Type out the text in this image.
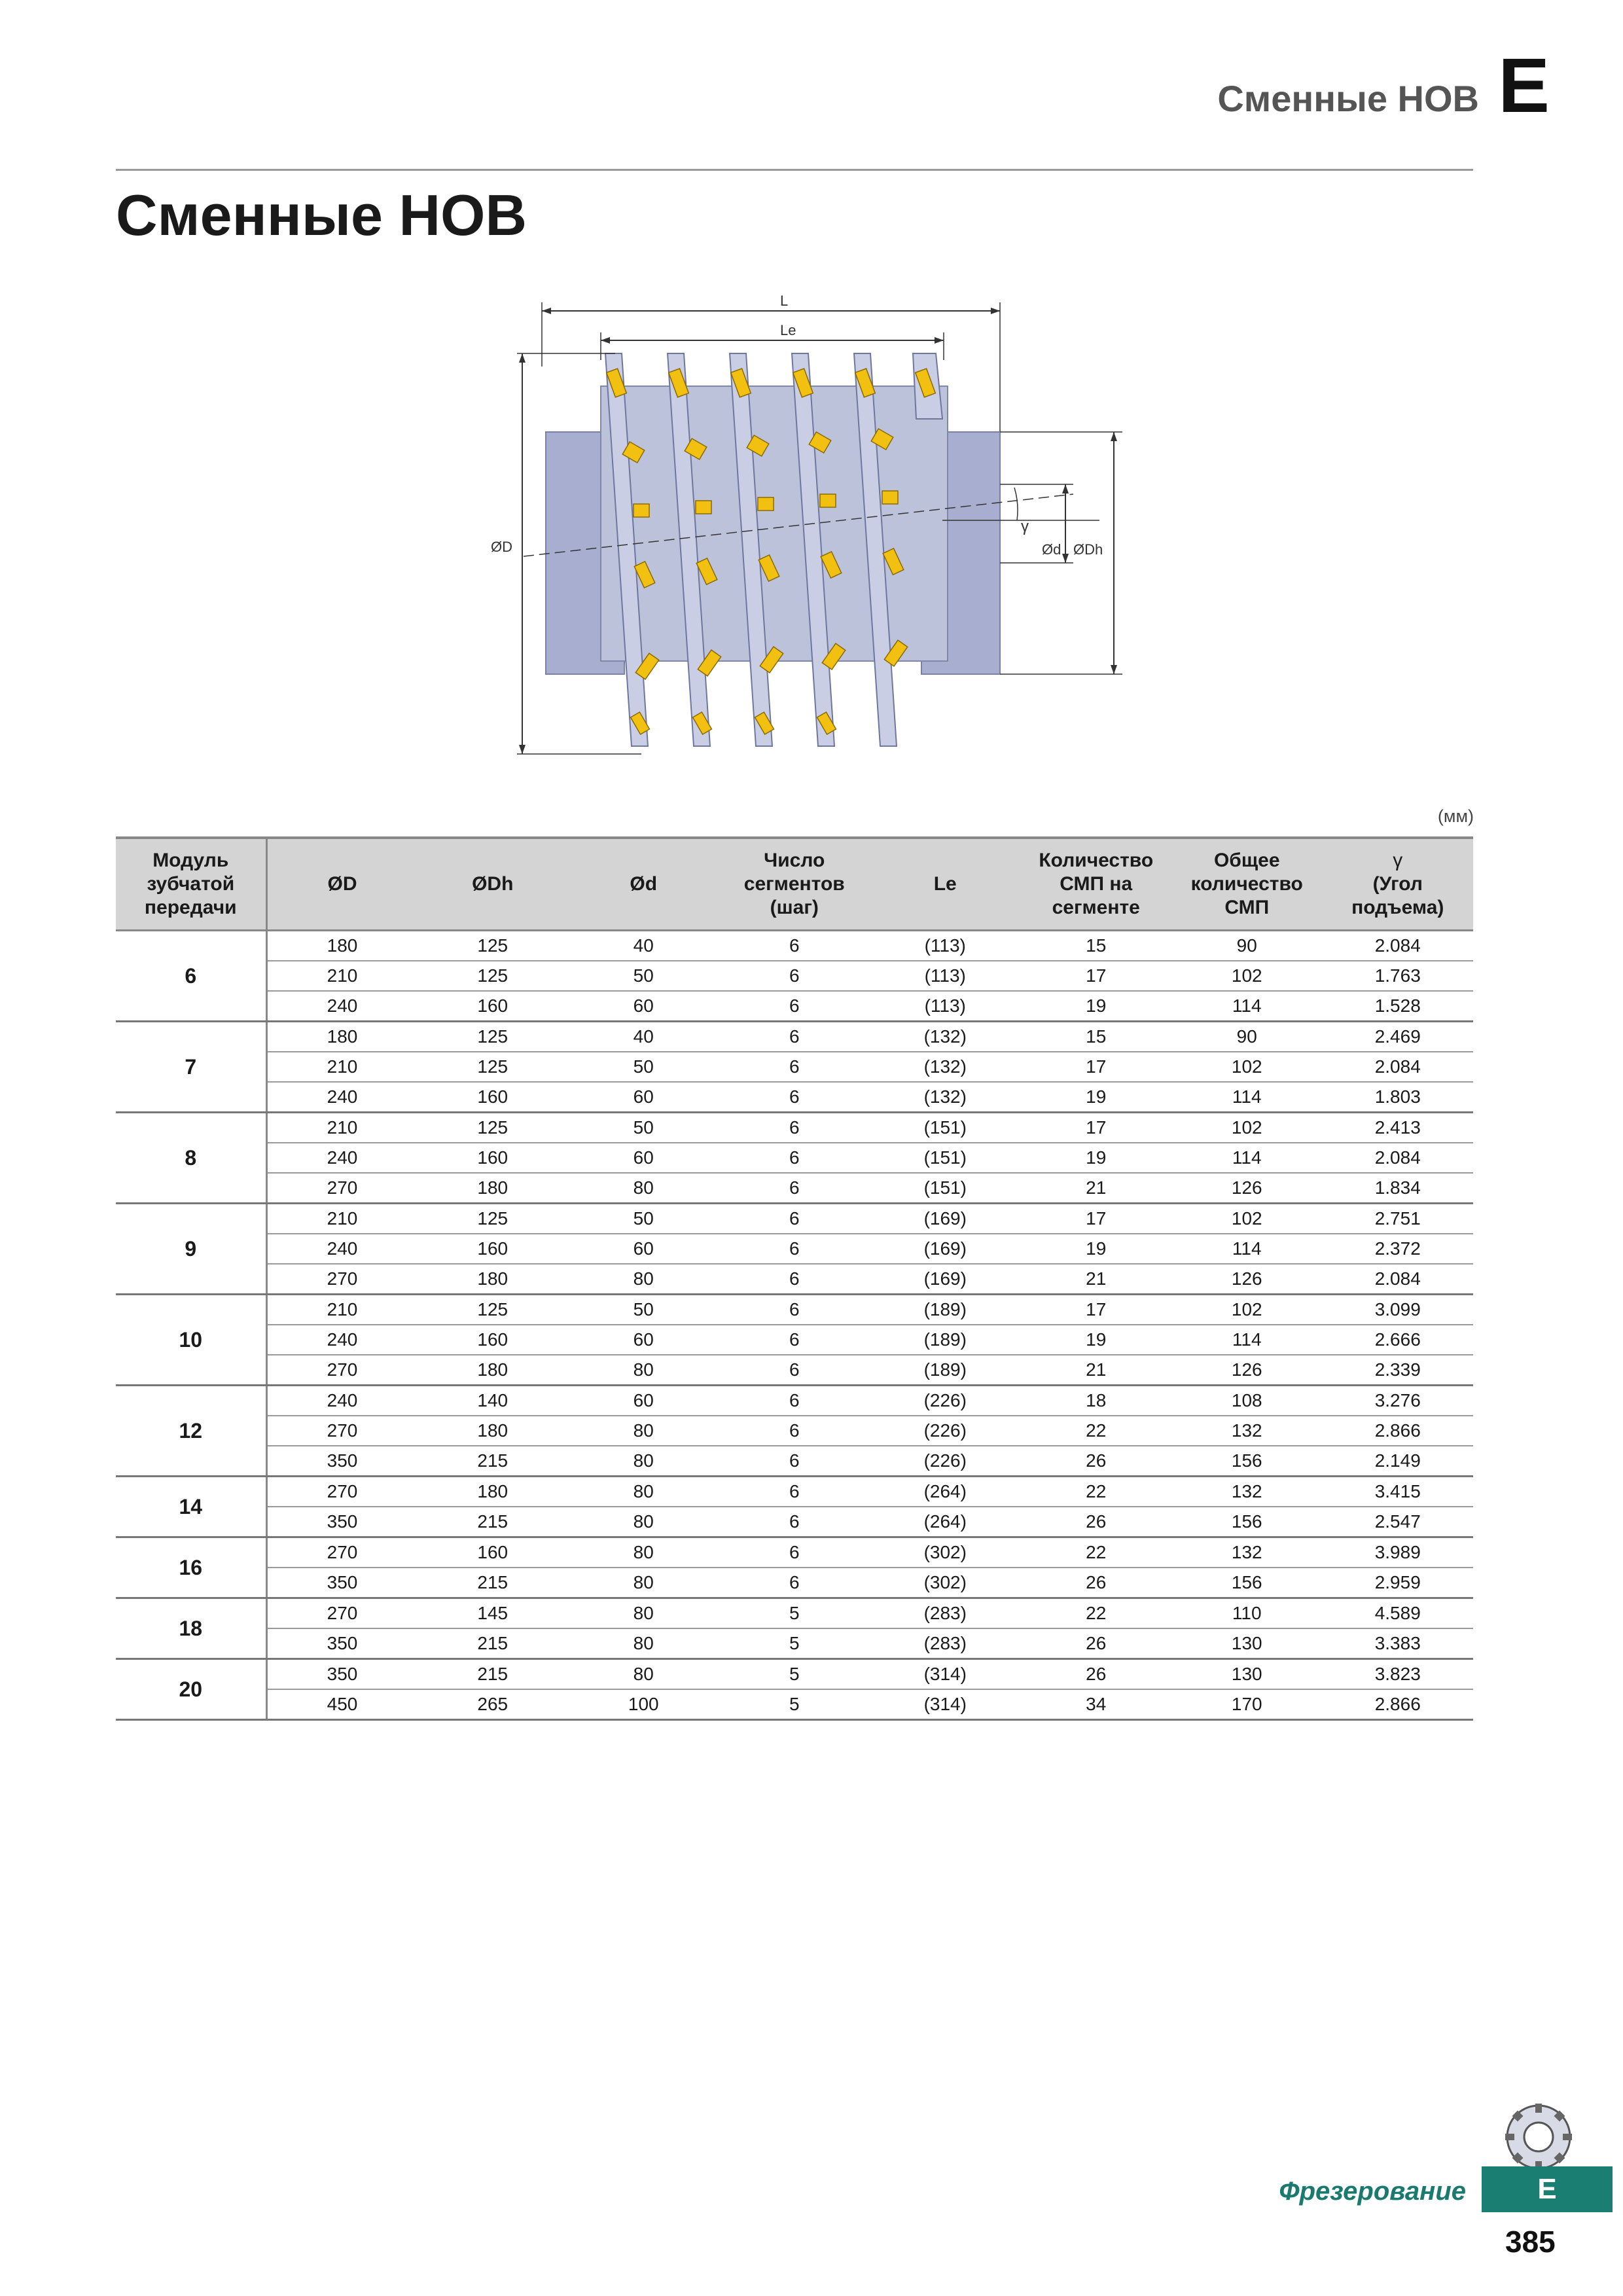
Сменные НОВ E
Сменные НОВ
L
Le
ØD	Ød ØDh
γ
(мм)
Модуль зубчатой передачи	ØD	ØDh	Ød	Число сегментов (шаг)	Le	Количество СМП на сегменте	Общее количество СМП	γ
(Угол подъема)

6	180	125	40	6	(113)	15	90	2.084
	210	125	50	6	(113)	17	102	1.763
	240	160	60	6	(113)	19	114	1.528
7	180	125	40	6	(132)	15	90	2.469
	210	125	50	6	(132)	17	102	2.084
	240	160	60	6	(132)	19	114	1.803
8	210	125	50	6	(151)	17	102	2.413
	240	160	60	6	(151)	19	114	2.084
	270	180	80	6	(151)	21	126	1.834
9	210	125	50	6	(169)	17	102	2.751
	240	160	60	6	(169)	19	114	2.372
	270	180	80	6	(169)	21	126	2.084
10	210	125	50	6	(189)	17	102	3.099
	240	160	60	6	(189)	19	114	2.666
	270	180	80	6	(189)	21	126	2.339
12	240	140	60	6	(226)	18	108	3.276
	270	180	80	6	(226)	22	132	2.866
	350	215	80	6	(226)	26	156	2.149
14	270	180	80	6	(264)	22	132	3.415
	350	215	80	6	(264)	26	156	2.547
16	270	160	80	6	(302)	22	132	3.989
	350	215	80	6	(302)	26	156	2.959
18	270	145	80	5	(283)	22	110	4.589
	350	215	80	5	(283)	26	130	3.383
20	350	215	80	5	(314)	26	130	3.823
	450	265	100	5	(314)	34	170	2.866
Фрезерование	E
385
